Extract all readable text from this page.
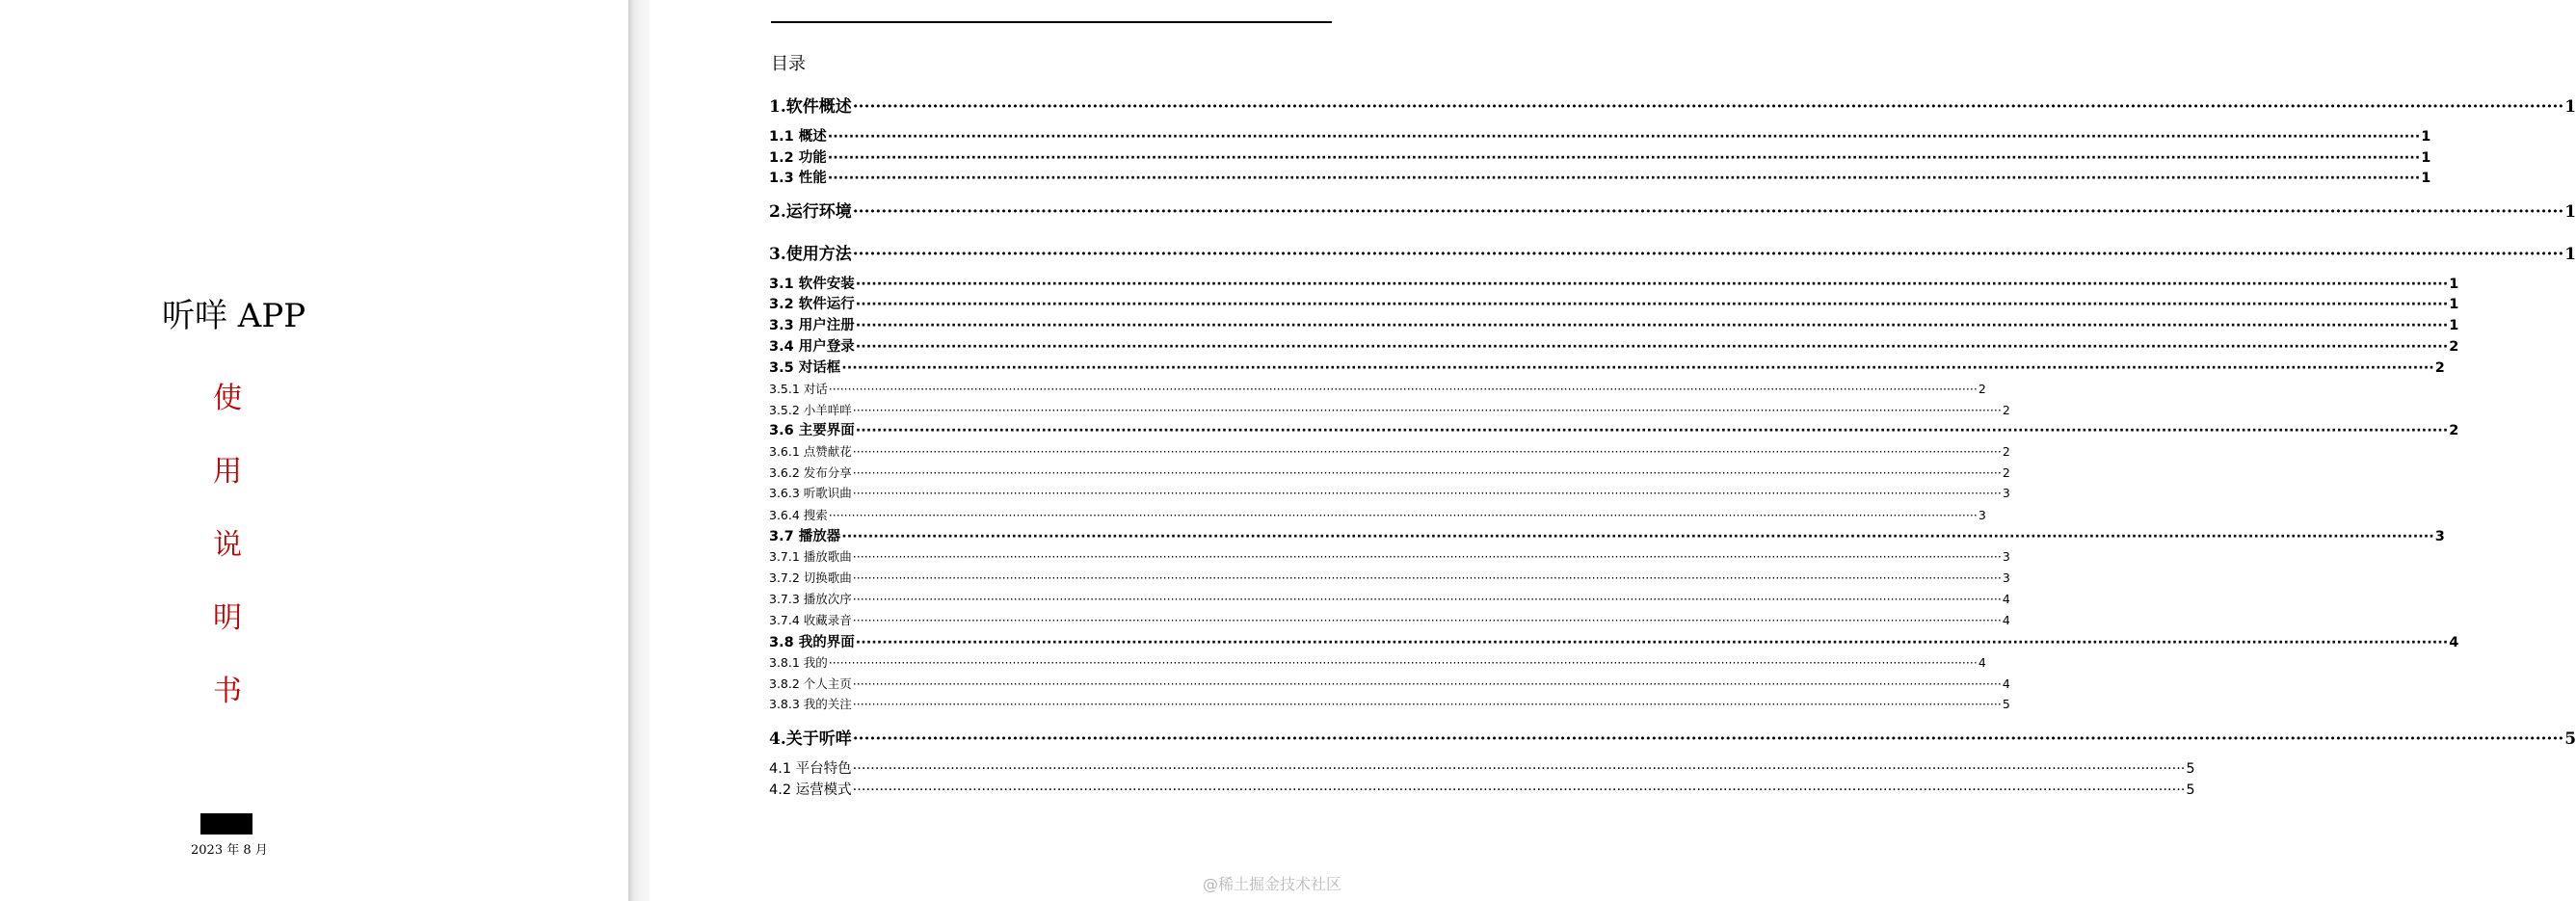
听咩 APP
使
用
说
明
书
2023 年 8 月
目录
1.软件概述 ············································································································································································································································································································ 1
1.1 概述 ············································································································································································································································································································ 1
1.2 功能 ············································································································································································································································································································ 1
1.3 性能 ············································································································································································································································································································ 1
2.运行环境 ············································································································································································································································································································ 1
3.使用方法 ············································································································································································································································································································ 1
3.1 软件安装 ············································································································································································································································································································ 1
3.2 软件运行 ············································································································································································································································································································ 1
3.3 用户注册 ············································································································································································································································································································ 1
3.4 用户登录 ············································································································································································································································································································ 2
3.5 对话框 ············································································································································································································································································································ 2
3.5.1 对话 ············································································································································································································································································································ 2
3.5.2 小羊咩咩 ············································································································································································································································································································ 2
3.6 主要界面 ············································································································································································································································································································ 2
3.6.1 点赞献花 ············································································································································································································································································································ 2
3.6.2 发布分享 ············································································································································································································································································································ 2
3.6.3 听歌识曲 ············································································································································································································································································································ 3
3.6.4 搜索 ············································································································································································································································································································ 3
3.7 播放器 ············································································································································································································································································································ 3
3.7.1 播放歌曲 ············································································································································································································································································································ 3
3.7.2 切换歌曲 ············································································································································································································································································································ 3
3.7.3 播放次序 ············································································································································································································································································································ 4
3.7.4 收藏录音 ············································································································································································································································································································ 4
3.8 我的界面 ············································································································································································································································································································ 4
3.8.1 我的 ············································································································································································································································································································ 4
3.8.2 个人主页 ············································································································································································································································································································ 4
3.8.3 我的关注 ············································································································································································································································································································ 5
4.关于听咩 ············································································································································································································································································································ 5
4.1 平台特色 ············································································································································································································································································································ 5
4.2 运营模式 ············································································································································································································································································································ 5
@稀土掘金技术社区
